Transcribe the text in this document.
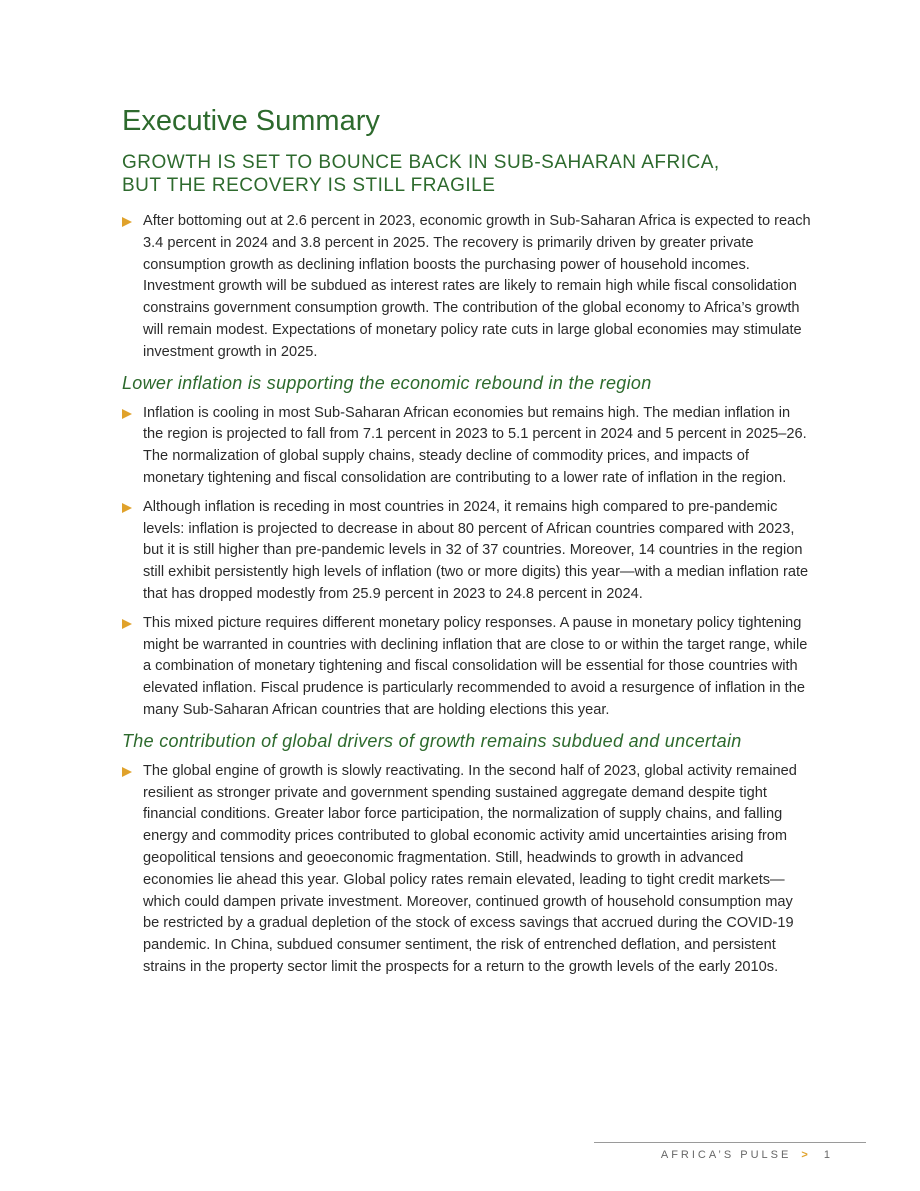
Executive Summary
GROWTH IS SET TO BOUNCE BACK IN SUB-SAHARAN AFRICA,
BUT THE RECOVERY IS STILL FRAGILE
After bottoming out at 2.6 percent in 2023, economic growth in Sub-Saharan Africa is expected to reach 3.4 percent in 2024 and 3.8 percent in 2025. The recovery is primarily driven by greater private consumption growth as declining inflation boosts the purchasing power of household incomes. Investment growth will be subdued as interest rates are likely to remain high while fiscal consolidation constrains government consumption growth. The contribution of the global economy to Africa’s growth will remain modest. Expectations of monetary policy rate cuts in large global economies may stimulate investment growth in 2025.
Lower inflation is supporting the economic rebound in the region
Inflation is cooling in most Sub-Saharan African economies but remains high. The median inflation in the region is projected to fall from 7.1 percent in 2023 to 5.1 percent in 2024 and 5 percent in 2025–26. The normalization of global supply chains, steady decline of commodity prices, and impacts of monetary tightening and fiscal consolidation are contributing to a lower rate of inflation in the region.
Although inflation is receding in most countries in 2024, it remains high compared to pre-pandemic levels: inflation is projected to decrease in about 80 percent of African countries compared with 2023, but it is still higher than pre-pandemic levels in 32 of 37 countries. Moreover, 14 countries in the region still exhibit persistently high levels of inflation (two or more digits) this year—with a median inflation rate that has dropped modestly from 25.9 percent in 2023 to 24.8 percent in 2024.
This mixed picture requires different monetary policy responses. A pause in monetary policy tightening might be warranted in countries with declining inflation that are close to or within the target range, while a combination of monetary tightening and fiscal consolidation will be essential for those countries with elevated inflation. Fiscal prudence is particularly recommended to avoid a resurgence of inflation in the many Sub-Saharan African countries that are holding elections this year.
The contribution of global drivers of growth remains subdued and uncertain
The global engine of growth is slowly reactivating. In the second half of 2023, global activity remained resilient as stronger private and government spending sustained aggregate demand despite tight financial conditions. Greater labor force participation, the normalization of supply chains, and falling energy and commodity prices contributed to global economic activity amid uncertainties arising from geopolitical tensions and geoeconomic fragmentation. Still, headwinds to growth in advanced economies lie ahead this year. Global policy rates remain elevated, leading to tight credit markets—which could dampen private investment. Moreover, continued growth of household consumption may be restricted by a gradual depletion of the stock of excess savings that accrued during the COVID-19 pandemic. In China, subdued consumer sentiment, the risk of entrenched deflation, and persistent strains in the property sector limit the prospects for a return to the growth levels of the early 2010s.
AFRICA’S PULSE > 1
